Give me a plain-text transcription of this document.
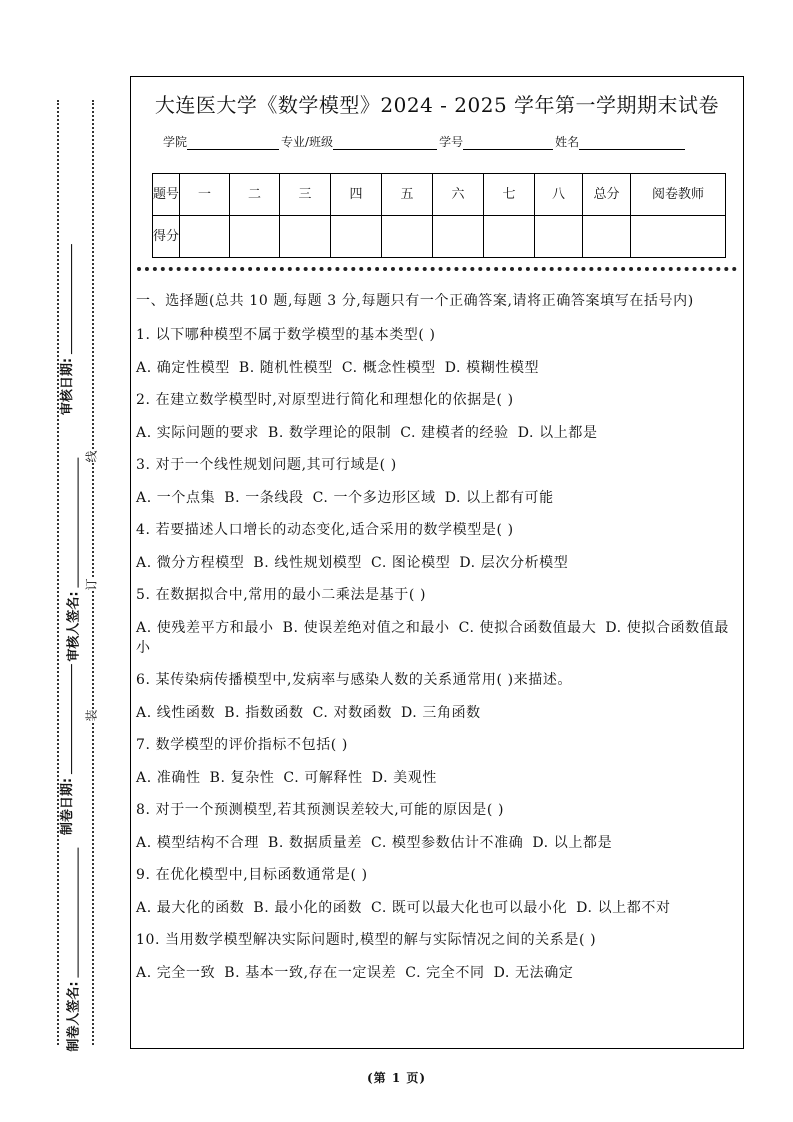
审核日期:
审核人签名:
制卷日期:
制卷人签名:
线
订
装
大连医大学《数学模型》2024 - 2025 学年第一学期期末试卷
学院	专业/班级	学号	姓名
题号	一	二	三	四	五	六	七	八	总分	阅卷教师
得分										

一、选择题(总共 10 题,每题 3 分,每题只有一个正确答案,请将正确答案填写在括号内)

1. 以下哪种模型不属于数学模型的基本类型( )

A. 确定性模型 B. 随机性模型 C. 概念性模型 D. 模糊性模型

2. 在建立数学模型时,对原型进行简化和理想化的依据是( )

A. 实际问题的要求 B. 数学理论的限制 C. 建模者的经验 D. 以上都是

3. 对于一个线性规划问题,其可行域是( )

A. 一个点集 B. 一条线段 C. 一个多边形区域 D. 以上都有可能

4. 若要描述人口增长的动态变化,适合采用的数学模型是( )

A. 微分方程模型 B. 线性规划模型 C. 图论模型 D. 层次分析模型

5. 在数据拟合中,常用的最小二乘法是基于( )

A. 使残差平方和最小 B. 使误差绝对值之和最小 C. 使拟合函数值最大 D. 使拟合函数值最小

6. 某传染病传播模型中,发病率与感染人数的关系通常用( )来描述。

A. 线性函数 B. 指数函数 C. 对数函数 D. 三角函数

7. 数学模型的评价指标不包括( )

A. 准确性 B. 复杂性 C. 可解释性 D. 美观性

8. 对于一个预测模型,若其预测误差较大,可能的原因是( )

A. 模型结构不合理 B. 数据质量差 C. 模型参数估计不准确 D. 以上都是

9. 在优化模型中,目标函数通常是( )

A. 最大化的函数 B. 最小化的函数 C. 既可以最大化也可以最小化 D. 以上都不对

10. 当用数学模型解决实际问题时,模型的解与实际情况之间的关系是( )

A. 完全一致 B. 基本一致,存在一定误差 C. 完全不同 D. 无法确定

(第 1 页)
